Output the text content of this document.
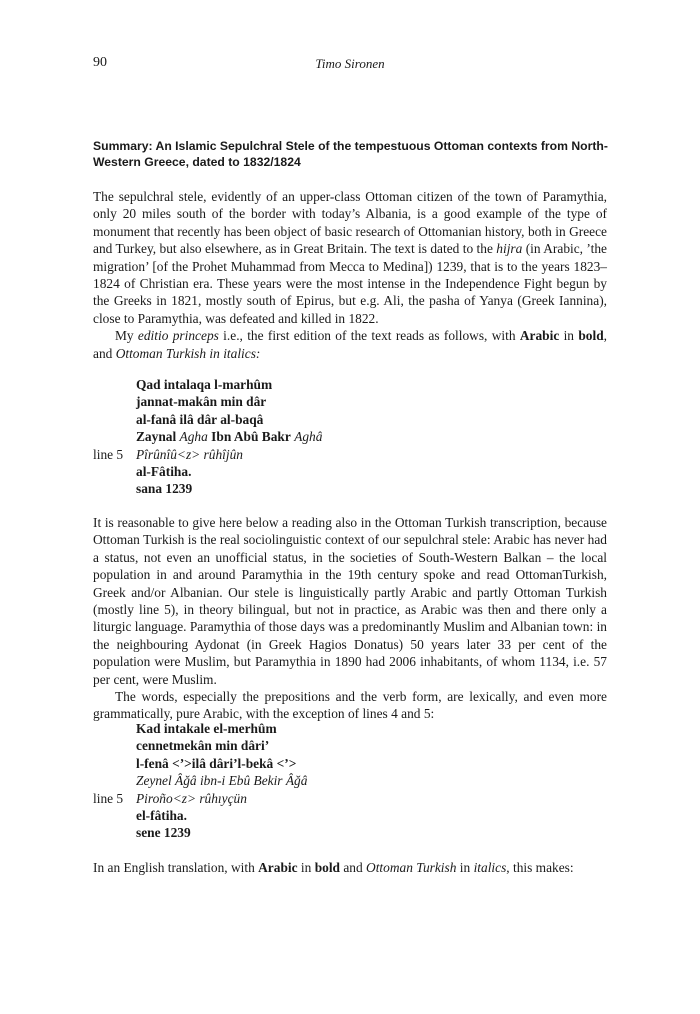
90	Timo Sironen
Summary: An Islamic Sepulchral Stele of the tempestuous Ottoman contexts from North-Western Greece, dated to 1832/1824

The sepulchral stele, evidently of an upper-class Ottoman citizen of the town of Paramythia, only 20 miles south of the border with today’s Albania, is a good example of the type of monument that recently has been object of basic research of Ottomanian history, both in Greece and Turkey, but also elsewhere, as in Great Britain. The text is dated to the hijra (in Arabic, ’the migration’ [of the Prohet Muhammad from Mecca to Medina]) 1239, that is to the years 1823–1824 of Christian era. These years were the most intense in the Independence Fight begun by the Greeks in 1821, mostly south of Epirus, but e.g. Ali, the pasha of Yanya (Greek Iannina), close to Paramythia, was defeated and killed in 1822.

My editio princeps i.e., the first edition of the text reads as follows, with Arabic in bold, and Ottoman Turkish in italics:

Qad intalaqa l-marhûm
jannat-makân min dâr
al-fanâ ilâ dâr al-baqâ
Zaynal Agha Ibn Abû Bakr Aghâ
line 5 Pîrûnîû<z> rûhîjûn
al-Fâtiha.
sana 1239

It is reasonable to give here below a reading also in the Ottoman Turkish transcription, because Ottoman Turkish is the real sociolinguistic context of our sepulchral stele: Arabic has never had a status, not even an unofficial status, in the societies of South-Western Balkan – the local population in and around Paramythia in the 19th century spoke and read OttomanTurkish, Greek and/or Albanian. Our stele is linguistically partly Arabic and partly Ottoman Turkish (mostly line 5), in theory bilingual, but not in practice, as Arabic was then and there only a liturgic language. Paramythia of those days was a predominantly Muslim and Albanian town: in the neighbouring Aydonat (in Greek Hagios Donatus) 50 years later 33 per cent of the population were Muslim, but Paramythia in 1890 had 2006 inhabitants, of whom 1134, i.e. 57 per cent, were Muslim.

The words, especially the prepositions and the verb form, are lexically, and even more grammatically, pure Arabic, with the exception of lines 4 and 5:

Kad intakale el-merhûm
cennetmekân min dâri’
l-fenâ <’>ilâ dâri’l-bekâ <’>
Zeynel Âğâ ibn-i Ebû Bekir Âğâ
line 5 Piroño<z> rûhıyçün
el-fâtiha.
sene 1239

In an English translation, with Arabic in bold and Ottoman Turkish in italics, this makes:
